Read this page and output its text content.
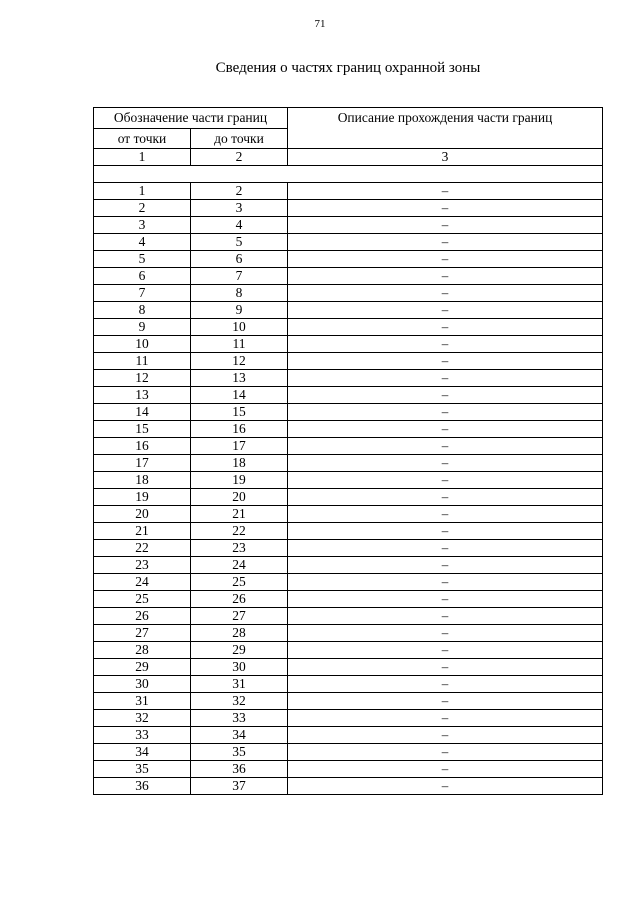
71
Сведения о частях границ охранной зоны
Обозначение части границ		Описание прохождения части границ
от точки	до точки	
1	2	3

1	2	–
2	3	–
3	4	–
4	5	–
5	6	–
6	7	–
7	8	–
8	9	–
9	10	–
10	11	–
11	12	–
12	13	–
13	14	–
14	15	–
15	16	–
16	17	–
17	18	–
18	19	–
19	20	–
20	21	–
21	22	–
22	23	–
23	24	–
24	25	–
25	26	–
26	27	–
27	28	–
28	29	–
29	30	–
30	31	–
31	32	–
32	33	–
33	34	–
34	35	–
35	36	–
36	37	–
